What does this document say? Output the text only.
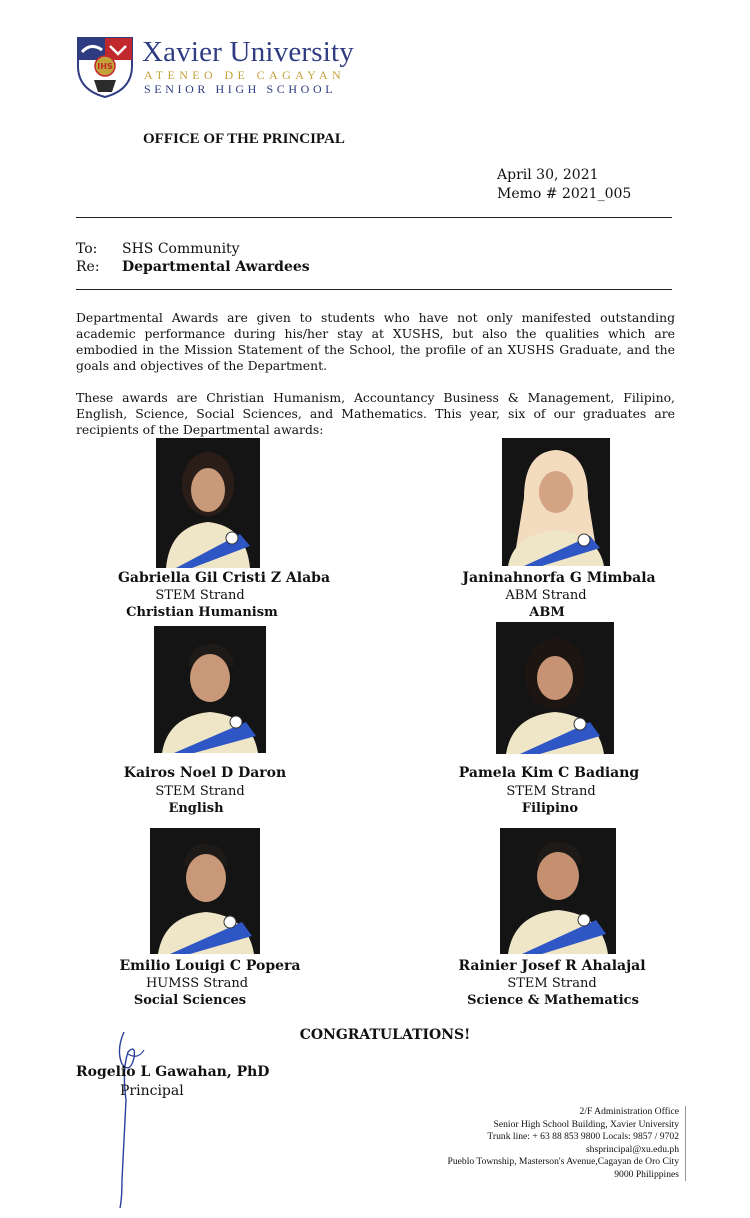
IHS Xavier University
ATENEO DE CAGAYAN
SENIOR HIGH SCHOOL
OFFICE OF THE PRINCIPAL
April 30, 2021
Memo # 2021_005
To: SHS Community
Re: Departmental Awardees
Departmental Awards are given to students who have not only manifested outstanding academic performance during his/her stay at XUSHS, but also the qualities which are embodied in the Mission Statement of the School, the profile of an XUSHS Graduate, and the goals and objectives of the Department.
These awards are Christian Humanism, Accountancy Business & Management, Filipino, English, Science, Social Sciences, and Mathematics. This year, six of our graduates are recipients of the Departmental awards:
Gabriella Gil Cristi Z Alaba
STEM Strand
Christian Humanism
Janinahnorfa G Mimbala
ABM Strand
ABM
Kairos Noel D Daron
STEM Strand
English
Pamela Kim C Badiang
STEM Strand
Filipino
Emilio Louigi C Popera
HUMSS Strand
Social Sciences
Rainier Josef R Ahalajal
STEM Strand
Science & Mathematics
CONGRATULATIONS!
Rogelio L Gawahan, PhD
Principal
2/F Administration Office
Senior High School Building, Xavier University
Trunk line: + 63 88 853 9800 Locals: 9857 / 9702
shsprincipal@xu.edu.ph
Pueblo Township, Masterson's Avenue,Cagayan de Oro City
9000 Philippines
